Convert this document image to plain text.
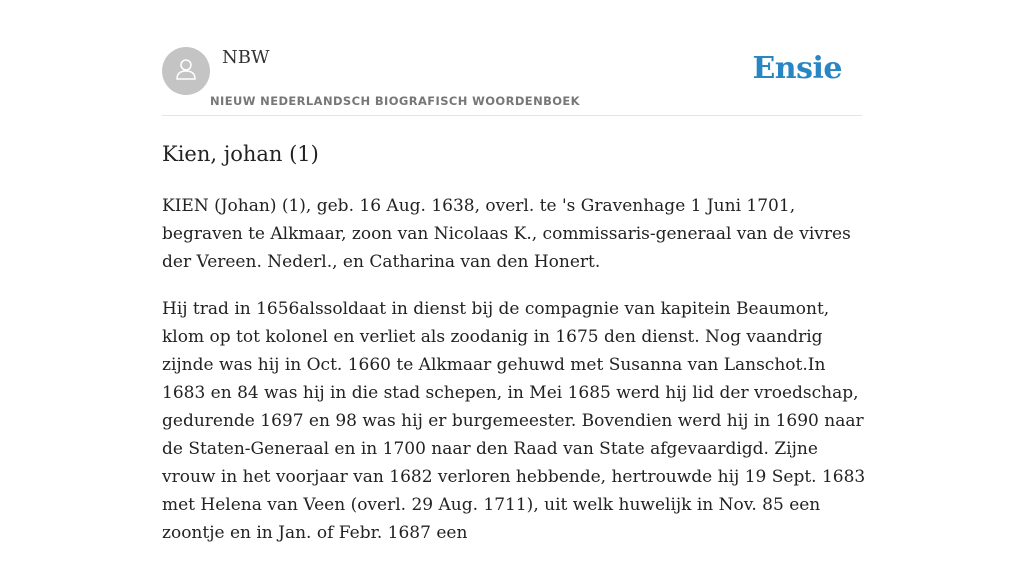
NBW
NIEUW NEDERLANDSCH BIOGRAFISCH WOORDENBOEK
Ensie
Kien, johan (1)

KIEN (Johan) (1), geb. 16 Aug. 1638, overl. te 's Gravenhage 1 Juni 1701, begraven te Alkmaar, zoon van Nicolaas K., commissaris-generaal van de vivres der Vereen. Nederl., en Catharina van den Honert.

Hij trad in 1656alssoldaat in dienst bij de compagnie van kapitein Beaumont, klom op tot kolonel en verliet als zoodanig in 1675 den dienst. Nog vaandrig zijnde was hij in Oct. 1660 te Alkmaar gehuwd met Susanna van Lanschot.In 1683 en 84 was hij in die stad schepen, in Mei 1685 werd hij lid der vroedschap, gedurende 1697 en 98 was hij er burgemeester. Bovendien werd hij in 1690 naar de Staten-Generaal en in 1700 naar den Raad van State afgevaardigd. Zijne vrouw in het voorjaar van 1682 verloren hebbende, hertrouwde hij 19 Sept. 1683 met Helena van Veen (overl. 29 Aug. 1711), uit welk huwelijk in Nov. 85 een zoontje en in Jan. of Febr. 1687 een
